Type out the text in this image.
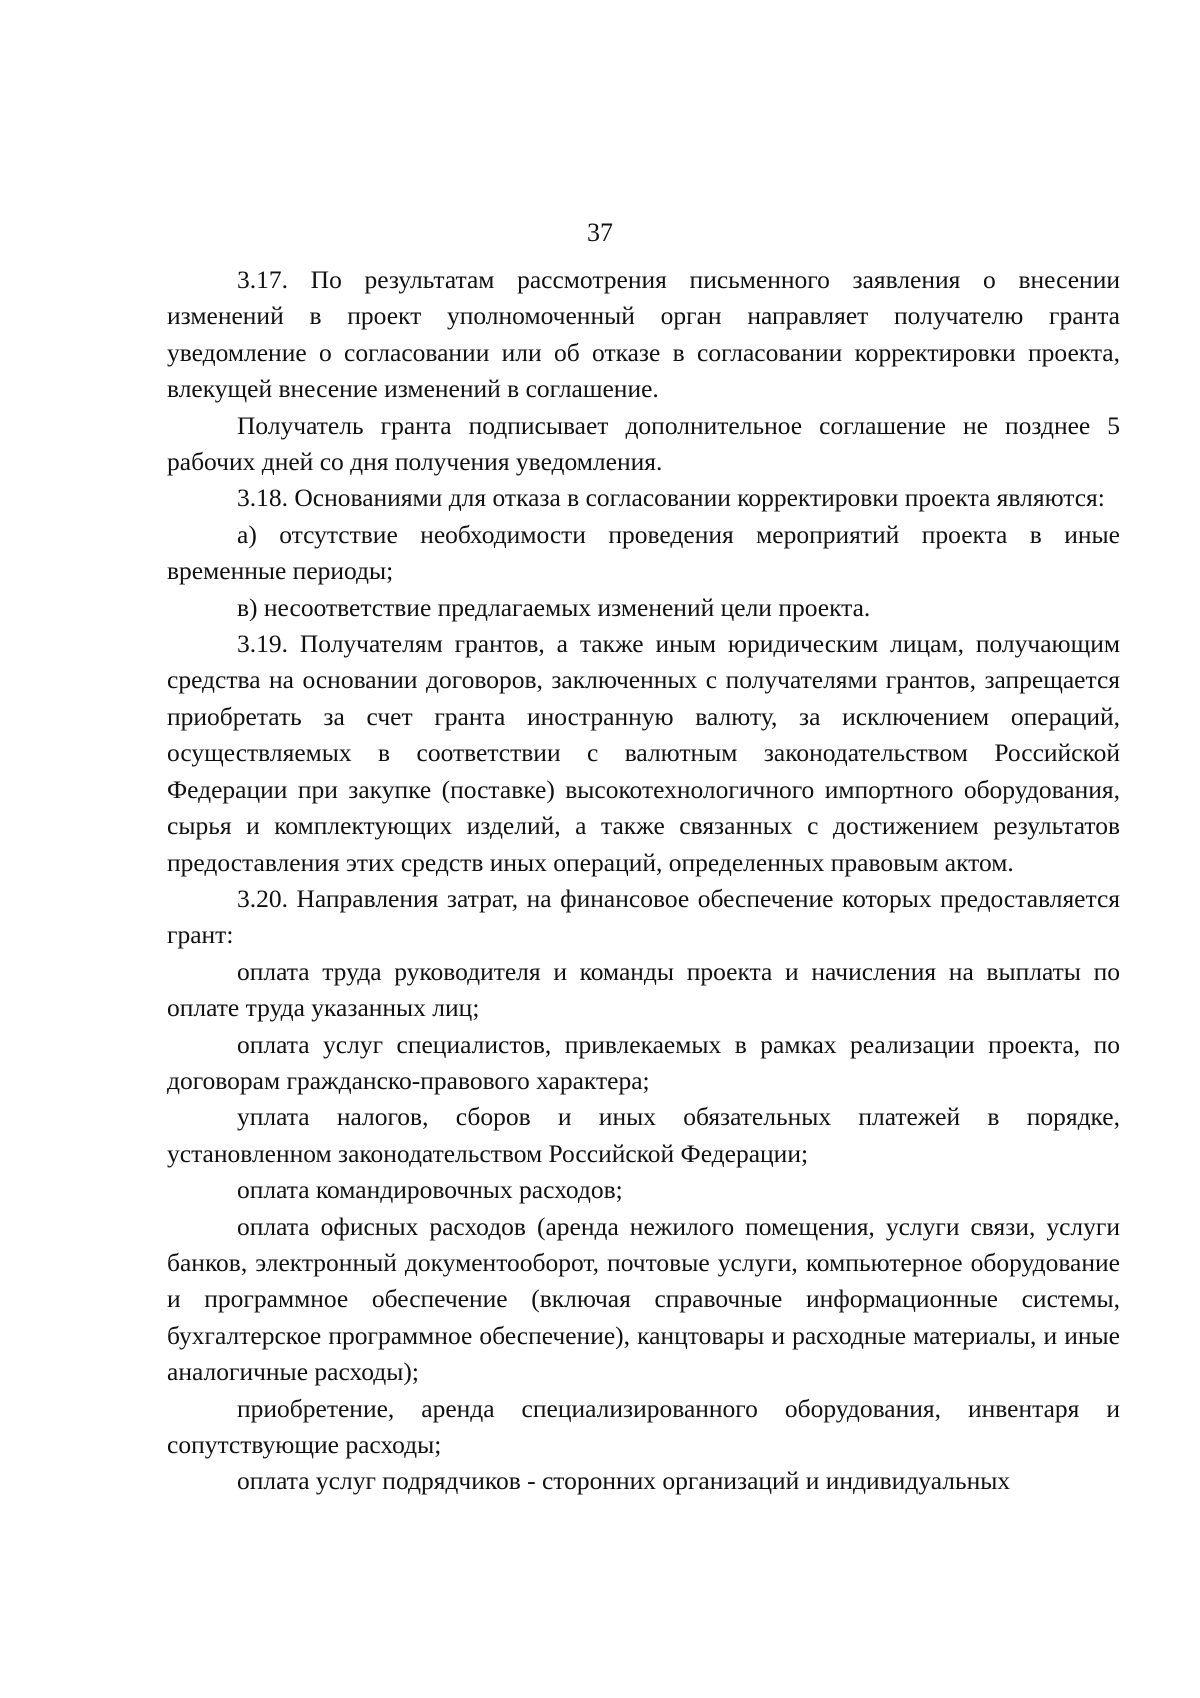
37

3.17. По результатам рассмотрения письменного заявления о внесении изменений в проект уполномоченный орган направляет получателю гранта уведомление о согласовании или об отказе в согласовании корректировки проекта, влекущей внесение изменений в соглашение.

Получатель гранта подписывает дополнительное соглашение не позднее 5 рабочих дней со дня получения уведомления.

3.18. Основаниями для отказа в согласовании корректировки проекта являются:

а) отсутствие необходимости проведения мероприятий проекта в иные временные периоды;

в) несоответствие предлагаемых изменений цели проекта.

3.19. Получателям грантов, а также иным юридическим лицам, получающим средства на основании договоров, заключенных с получателями грантов, запрещается приобретать за счет гранта иностранную валюту, за исключением операций, осуществляемых в соответствии с валютным законодательством Российской Федерации при закупке (поставке) высокотехнологичного импортного оборудования, сырья и комплектующих изделий, а также связанных с достижением результатов предоставления этих средств иных операций, определенных правовым актом.

3.20. Направления затрат, на финансовое обеспечение которых предоставляется грант:

оплата труда руководителя и команды проекта и начисления на выплаты по оплате труда указанных лиц;

оплата услуг специалистов, привлекаемых в рамках реализации проекта, по договорам гражданско-правового характера;

уплата налогов, сборов и иных обязательных платежей в порядке, установленном законодательством Российской Федерации;

оплата командировочных расходов;

оплата офисных расходов (аренда нежилого помещения, услуги связи, услуги банков, электронный документооборот, почтовые услуги, компьютерное оборудование и программное обеспечение (включая справочные информационные системы, бухгалтерское программное обеспечение), канцтовары и расходные материалы, и иные аналогичные расходы);

приобретение, аренда специализированного оборудования, инвентаря и сопутствующие расходы;

оплата услуг подрядчиков - сторонних организаций и индивидуальных
